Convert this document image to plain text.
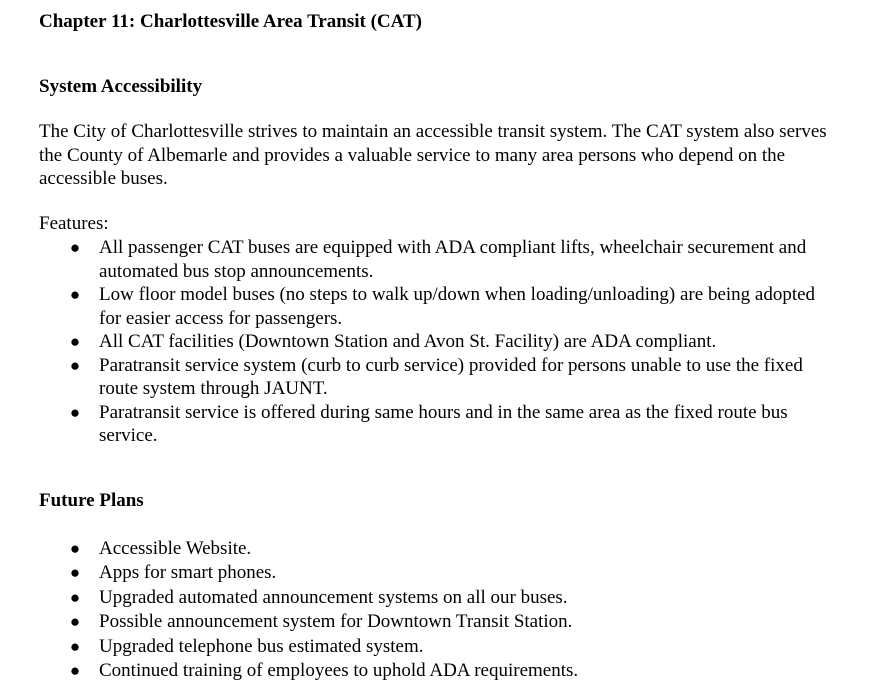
Chapter 11: Charlottesville Area Transit (CAT)
System Accessibility

The City of Charlottesville strives to maintain an accessible transit system. The CAT system also serves the County of Albemarle and provides a valuable service to many area persons who depend on the accessible buses.

Features:

● All passenger CAT buses are equipped with ADA compliant lifts, wheelchair securement and automated bus stop announcements.
● Low floor model buses (no steps to walk up/down when loading/unloading) are being adopted for easier access for passengers.
● All CAT facilities (Downtown Station and Avon St. Facility) are ADA compliant.
● Paratransit service system (curb to curb service) provided for persons unable to use the fixed route system through JAUNT.
● Paratransit service is offered during same hours and in the same area as the fixed route bus service.
Future Plans
● Accessible Website.
● Apps for smart phones.
● Upgraded automated announcement systems on all our buses.
● Possible announcement system for Downtown Transit Station.
● Upgraded telephone bus estimated system.
● Continued training of employees to uphold ADA requirements.
